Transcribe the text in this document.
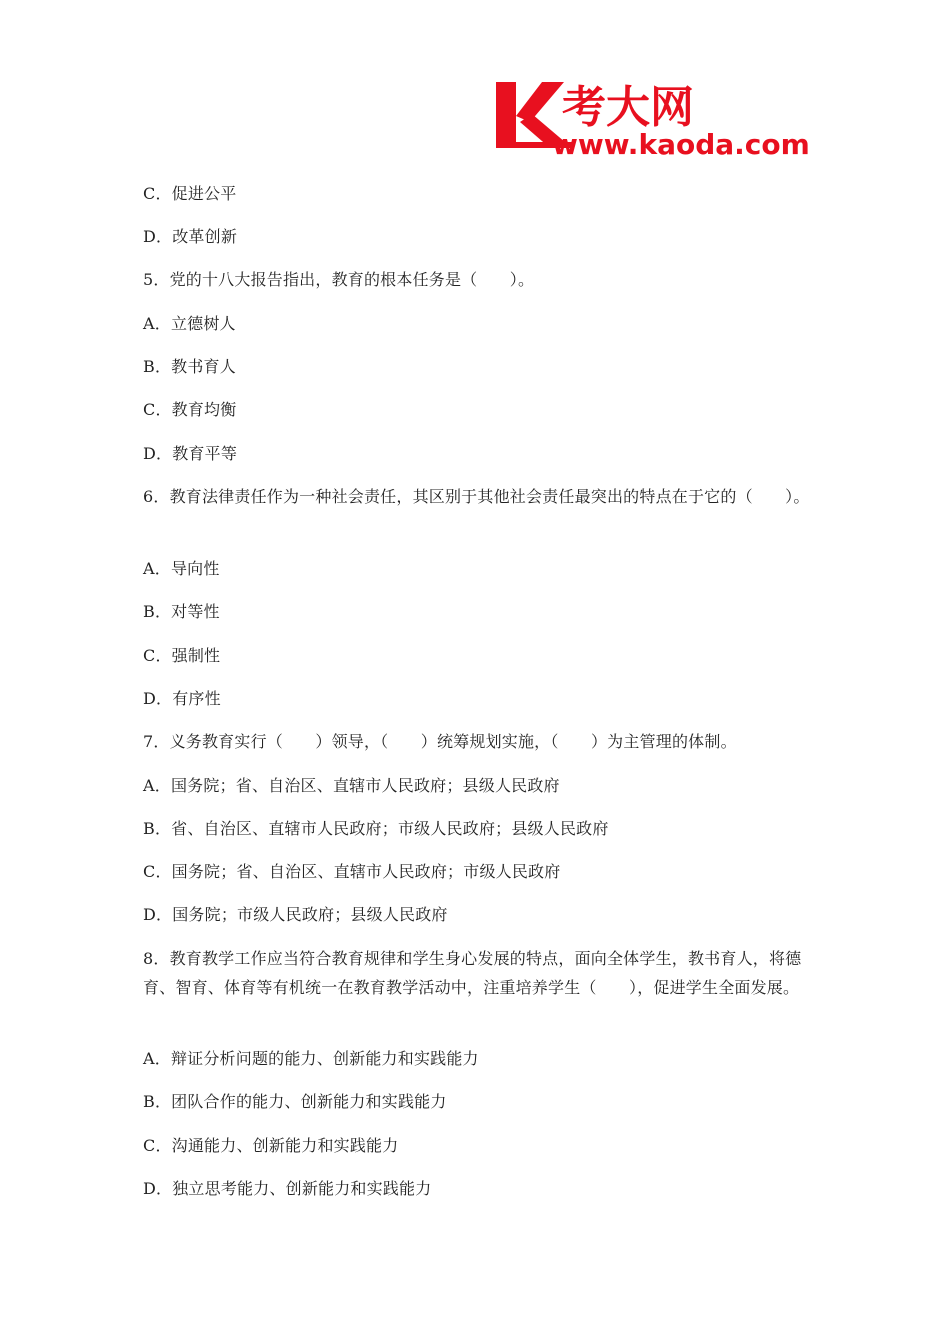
考大网
www.kaoda.com
C．促进公平
D．改革创新
5．党的十八大报告指出，教育的根本任务是（　　）。
A．立德树人
B．教书育人
C．教育均衡
D．教育平等
6．教育法律责任作为一种社会责任，其区别于其他社会责任最突出的特点在于它的（　　）。
A．导向性
B．对等性
C．强制性
D．有序性
7．义务教育实行（　　）领导，（　　）统筹规划实施，（　　）为主管理的体制。
A．国务院；省、自治区、直辖市人民政府；县级人民政府
B．省、自治区、直辖市人民政府；市级人民政府；县级人民政府
C．国务院；省、自治区、直辖市人民政府；市级人民政府
D．国务院；市级人民政府；县级人民政府
8．教育教学工作应当符合教育规律和学生身心发展的特点，面向全体学生，教书育人，将德育、智育、体育等有机统一在教育教学活动中，注重培养学生（　　），促进学生全面发展。
A．辩证分析问题的能力、创新能力和实践能力
B．团队合作的能力、创新能力和实践能力
C．沟通能力、创新能力和实践能力
D．独立思考能力、创新能力和实践能力
